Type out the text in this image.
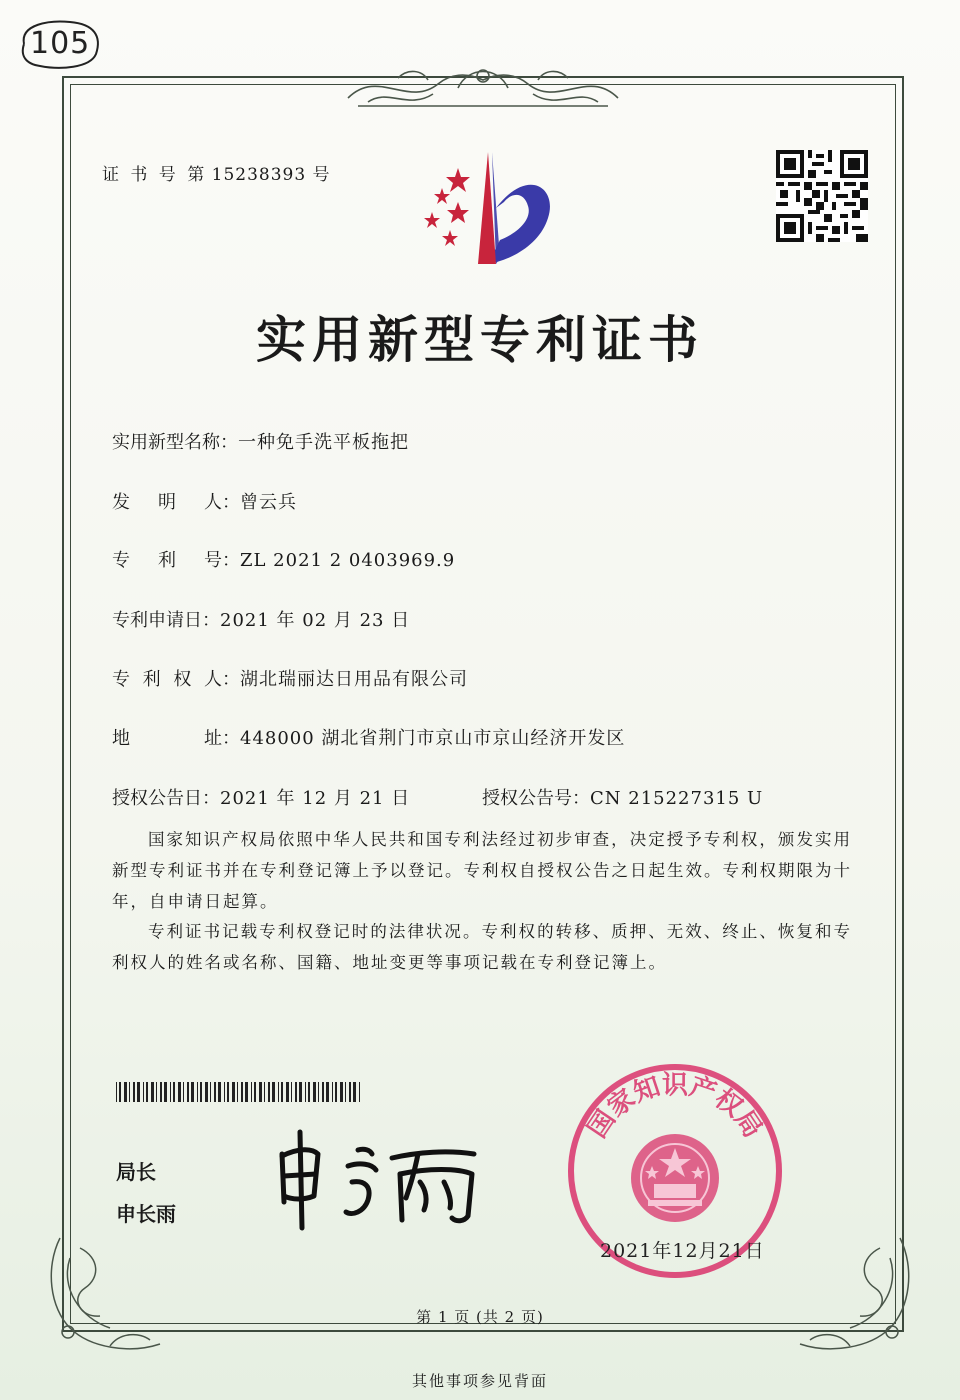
105
证 书 号 第 15238393 号
实用新型专利证书
实用新型名称：一种免手洗平板拖把
发 明 人 ：曾云兵
专 利 号 ：ZL 2021 2 0403969.9
专利申请日：2021 年 02 月 23 日
专 利 权 人 ：湖北瑞丽达日用品有限公司
地	址 ：448000 湖北省荆门市京山市京山经济开发区
授权公告日：2021 年 12 月 21 日	授权公告号：CN 215227315 U
国家知识产权局依照中华人民共和国专利法经过初步审查，决定授予专利权，颁发实用新型专利证书并在专利登记簿上予以登记。专利权自授权公告之日起生效。专利权期限为十年，自申请日起算。
专利证书记载专利权登记时的法律状况。专利权的转移、质押、无效、终止、恢复和专利权人的姓名或名称、国籍、地址变更等事项记载在专利登记簿上。
局长
申长雨
国家知识产权局
2021年12月21日
第 1 页 (共 2 页)
其他事项参见背面
